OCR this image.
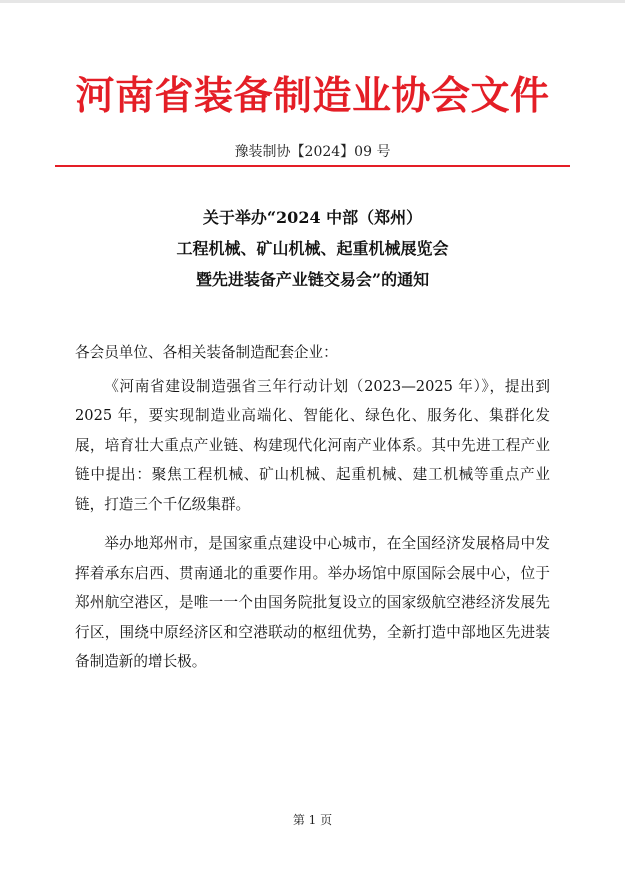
河南省装备制造业协会文件
豫装制协【2024】09 号
关于举办“2024 中部（郑州）
工程机械、矿山机械、起重机械展览会
暨先进装备产业链交易会”的通知

各会员单位、各相关装备制造配套企业：

《河南省建设制造强省三年行动计划（2023—2025 年）》，提出到 2025 年，要实现制造业高端化、智能化、绿色化、服务化、集群化发展，培育壮大重点产业链、构建现代化河南产业体系。其中先进工程产业链中提出：聚焦工程机械、矿山机械、起重机械、建工机械等重点产业链，打造三个千亿级集群。

举办地郑州市，是国家重点建设中心城市，在全国经济发展格局中发挥着承东启西、贯南通北的重要作用。举办场馆中原国际会展中心，位于郑州航空港区，是唯一一个由国务院批复设立的国家级航空港经济发展先行区，围绕中原经济区和空港联动的枢纽优势，全新打造中部地区先进装备制造新的增长极。

第 1 页
